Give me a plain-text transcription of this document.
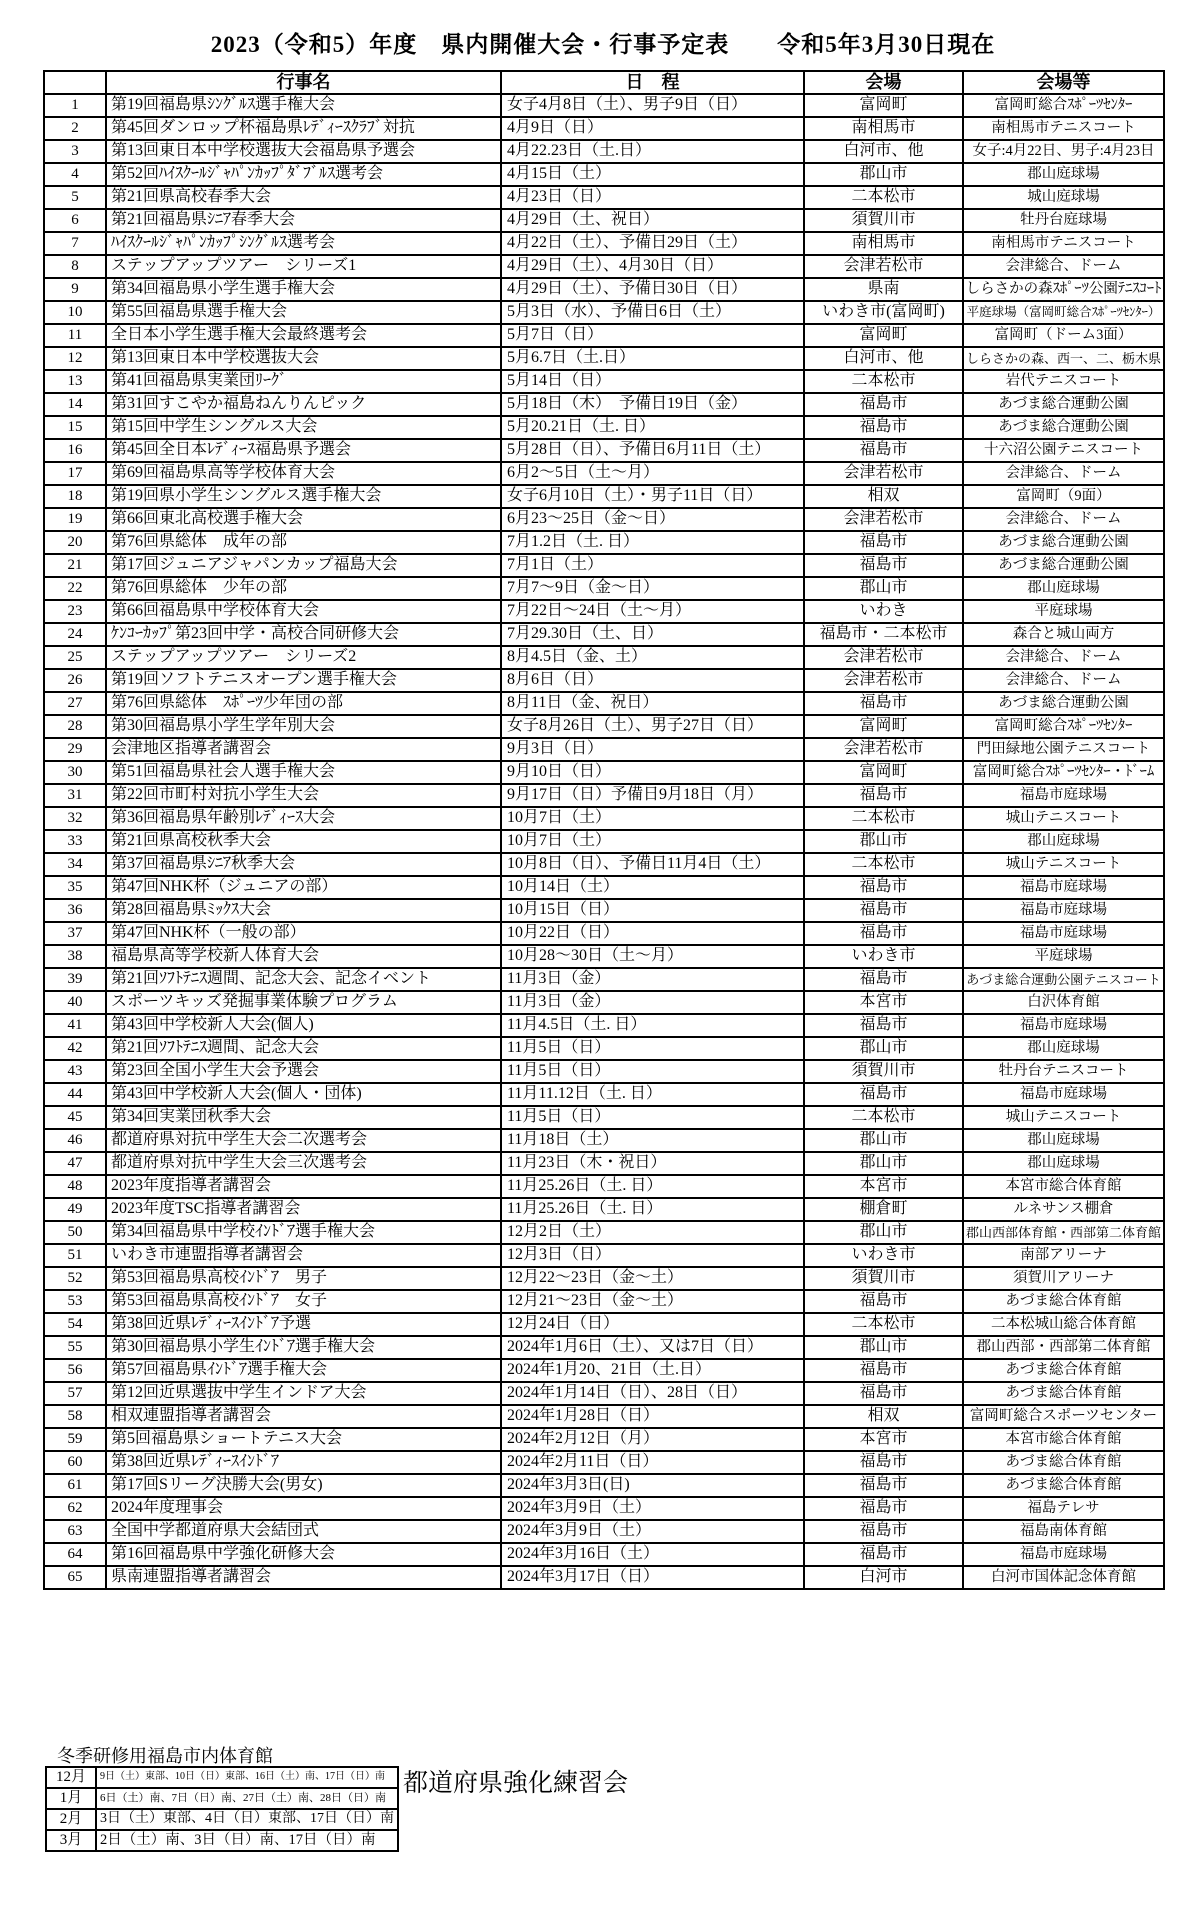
2023（令和5）年度　県内開催大会・行事予定表　　令和5年3月30日現在
	行事名	日　程	会場	会場等
1	第19回福島県ｼﾝｸﾞﾙｽ選手権大会	女子4月8日（土）、男子9日（日）	富岡町	富岡町総合ｽﾎﾟｰﾂｾﾝﾀｰ
2	第45回ダンロップ杯福島県ﾚﾃﾞｨｰｽｸﾗﾌﾞ対抗	4月9日（日）	南相馬市	南相馬市テニスコート
3	第13回東日本中学校選抜大会福島県予選会	4月22.23日（土.日）	白河市、他	女子:4月22日、男子:4月23日
4	第52回ﾊｲｽｸｰﾙｼﾞｬﾊﾟﾝｶｯﾌﾟﾀﾞﾌﾞﾙｽ選考会	4月15日（土）	郡山市	郡山庭球場
5	第21回県高校春季大会	4月23日（日）	二本松市	城山庭球場
6	第21回福島県ｼﾆｱ春季大会	4月29日（土、祝日）	須賀川市	牡丹台庭球場
7	ﾊｲｽｸｰﾙｼﾞｬﾊﾟﾝｶｯﾌﾟｼﾝｸﾞﾙｽ選考会	4月22日（土）、予備日29日（土）	南相馬市	南相馬市テニスコート
8	ステップアップツアー　シリーズ1	4月29日（土）、4月30日（日）	会津若松市	会津総合、ドーム
9	第34回福島県小学生選手権大会	4月29日（土）、予備日30日（日）	県南	しらさかの森ｽﾎﾟｰﾂ公園ﾃﾆｽｺｰﾄ
10	第55回福島県選手権大会	5月3日（水）、予備日6日（土）	いわき市(富岡町)	平庭球場（富岡町総合ｽﾎﾟｰﾂｾﾝﾀｰ）
11	全日本小学生選手権大会最終選考会	5月7日（日）	富岡町	富岡町（ドーム3面）
12	第13回東日本中学校選抜大会	5月6.7日（土.日）	白河市、他	しらさかの森、西一、二、栃木県
13	第41回福島県実業団ﾘｰｸﾞ	5月14日（日）	二本松市	岩代テニスコート
14	第31回すこやか福島ねんりんピック	5月18日（木）　予備日19日（金）	福島市	あづま総合運動公園
15	第15回中学生シングルス大会	5月20.21日（土. 日）	福島市	あづま総合運動公園
16	第45回全日本ﾚﾃﾞｨｰｽ福島県予選会	5月28日（日）、予備日6月11日（土）	福島市	十六沼公園テニスコート
17	第69回福島県高等学校体育大会	6月2～5日（土～月）	会津若松市	会津総合、ドーム
18	第19回県小学生シングルス選手権大会	女子6月10日（土）・男子11日（日）	相双	富岡町（9面）
19	第66回東北高校選手権大会	6月23～25日（金～日）	会津若松市	会津総合、ドーム
20	第76回県総体　成年の部	7月1.2日（土. 日）	福島市	あづま総合運動公園
21	第17回ジュニアジャパンカップ福島大会	7月1日（土）	福島市	あづま総合運動公園
22	第76回県総体　少年の部	7月7～9日（金～日）	郡山市	郡山庭球場
23	第66回福島県中学校体育大会	7月22日～24日（土～月）	いわき	平庭球場
24	ｹﾝｺｰｶｯﾌﾟ第23回中学・高校合同研修大会	7月29.30日（土、日）	福島市・二本松市	森合と城山両方
25	ステップアップツアー　シリーズ2	8月4.5日（金、土）	会津若松市	会津総合、ドーム
26	第19回ソフトテニスオープン選手権大会	8月6日（日）	会津若松市	会津総合、ドーム
27	第76回県総体　ｽﾎﾟｰﾂ少年団の部	8月11日（金、祝日）	福島市	あづま総合運動公園
28	第30回福島県小学生学年別大会	女子8月26日（土）、男子27日（日）	富岡町	富岡町総合ｽﾎﾟｰﾂｾﾝﾀｰ
29	会津地区指導者講習会	9月3日（日）	会津若松市	門田緑地公園テニスコート
30	第51回福島県社会人選手権大会	9月10日（日）	富岡町	富岡町総合ｽﾎﾟｰﾂｾﾝﾀｰ・ﾄﾞｰﾑ
31	第22回市町村対抗小学生大会	9月17日（日）予備日9月18日（月）	福島市	福島市庭球場
32	第36回福島県年齢別ﾚﾃﾞｨｰｽ大会	10月7日（土）	二本松市	城山テニスコート
33	第21回県高校秋季大会	10月7日（土）	郡山市	郡山庭球場
34	第37回福島県ｼﾆｱ秋季大会	10月8日（日）、予備日11月4日（土）	二本松市	城山テニスコート
35	第47回NHK杯（ジュニアの部）	10月14日（土）	福島市	福島市庭球場
36	第28回福島県ﾐｯｸｽ大会	10月15日（日）	福島市	福島市庭球場
37	第47回NHK杯（一般の部）	10月22日（日）	福島市	福島市庭球場
38	福島県高等学校新人体育大会	10月28～30日（土～月）	いわき市	平庭球場
39	第21回ｿﾌﾄﾃﾆｽ週間、記念大会、記念イベント	11月3日（金）	福島市	あづま総合運動公園テニスコート
40	スポーツキッズ発掘事業体験プログラム	11月3日（金）	本宮市	白沢体育館
41	第43回中学校新人大会(個人)	11月4.5日（土. 日）	福島市	福島市庭球場
42	第21回ｿﾌﾄﾃﾆｽ週間、記念大会	11月5日（日）	郡山市	郡山庭球場
43	第23回全国小学生大会予選会	11月5日（日）	須賀川市	牡丹台テニスコート
44	第43回中学校新人大会(個人・団体)	11月11.12日（土. 日）	福島市	福島市庭球場
45	第34回実業団秋季大会	11月5日（日）	二本松市	城山テニスコート
46	都道府県対抗中学生大会二次選考会	11月18日（土）	郡山市	郡山庭球場
47	都道府県対抗中学生大会三次選考会	11月23日（木・祝日）	郡山市	郡山庭球場
48	2023年度指導者講習会	11月25.26日（土. 日）	本宮市	本宮市総合体育館
49	2023年度TSC指導者講習会	11月25.26日（土. 日）	棚倉町	ルネサンス棚倉
50	第34回福島県中学校ｲﾝﾄﾞｱ選手権大会	12月2日（土）	郡山市	郡山西部体育館・西部第二体育館
51	いわき市連盟指導者講習会	12月3日（日）	いわき市	南部アリーナ
52	第53回福島県高校ｲﾝﾄﾞｱ　男子	12月22～23日（金～土）	須賀川市	須賀川アリーナ
53	第53回福島県高校ｲﾝﾄﾞｱ　女子	12月21～23日（金～土）	福島市	あづま総合体育館
54	第38回近県ﾚﾃﾞｨｰｽｲﾝﾄﾞｱ予選	12月24日（日）	二本松市	二本松城山総合体育館
55	第30回福島県小学生ｲﾝﾄﾞｱ選手権大会	2024年1月6日（土）、又は7日（日）	郡山市	郡山西部・西部第二体育館
56	第57回福島県ｲﾝﾄﾞｱ選手権大会	2024年1月20、21日（土.日）	福島市	あづま総合体育館
57	第12回近県選抜中学生インドア大会	2024年1月14日（日）、28日（日）	福島市	あづま総合体育館
58	相双連盟指導者講習会	2024年1月28日（日）	相双	富岡町総合スポーツセンター
59	第5回福島県ショートテニス大会	2024年2月12日（月）	本宮市	本宮市総合体育館
60	第38回近県ﾚﾃﾞｨｰｽｲﾝﾄﾞｱ	2024年2月11日（日）	福島市	あづま総合体育館
61	第17回Sリーグ決勝大会(男女)	2024年3月3日(日)	福島市	あづま総合体育館
62	2024年度理事会	2024年3月9日（土）	福島市	福島テレサ
63	全国中学都道府県大会結団式	2024年3月9日（土）	福島市	福島南体育館
64	第16回福島県中学強化研修大会	2024年3月16日（土）	福島市	福島市庭球場
65	県南連盟指導者講習会	2024年3月17日（日）	白河市	白河市国体記念体育館
冬季研修用福島市内体育館
12月	9日（土）東部、10日（日）東部、16日（土）南、17日（日）南
1月	6日（土）南、7日（日）南、27日（土）南、28日（日）南
2月	3日（土）東部、4日（日）東部、17日（日）南
3月	2日（土）南、3日（日）南、17日（日）南
都道府県強化練習会
